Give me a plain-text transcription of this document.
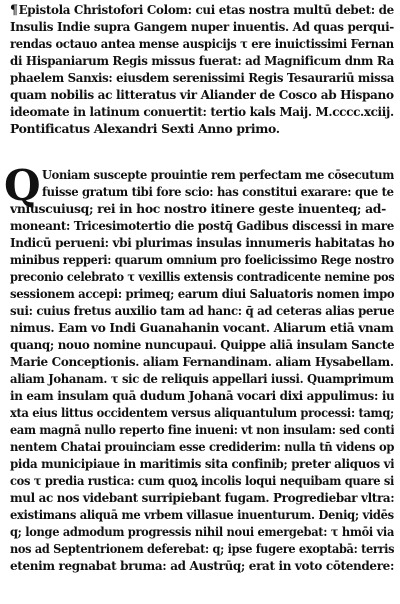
¶Epistola Christofori Colom: cui etas nostra multū debet: de
Insulis Indie supra Gangem nuper inuentis. Ad quas perqui-
rendas octauo antea mense auspicijs τ ere inuictissimi Fernan
di Hispaniarum Regis missus fuerat: ad Magnificum dnm Ra
phaelem Sanxis: eiusdem serenissimi Regis Tesaurariū missa
quam nobilis ac litteratus vir Aliander de Cosco ab Hispano
ideomate in latinum conuertit: tertio kals Maij. M.cccc.xciij.
Pontificatus Alexandri Sexti Anno primo.
Q Uoniam suscepte prouintie rem perfectam me cōsecutum
fuisse gratum tibi fore scio: has constitui exarare: que te
vniuscuiusq; rei in hoc nostro itinere geste inuenteq; ad-
moneant: Tricesimotertio die postq̄ Gadibus discessi in mare
Indicū perueni: vbi plurimas insulas innumeris habitatas ho
minibus repperi: quarum omnium pro foelicissimo Rege nostro
preconio celebrato τ vexillis extensis contradicente nemine pos
sessionem accepi: primeq; earum diui Saluatoris nomen impo
sui: cuius fretus auxilio tam ad hanc: q̄ ad ceteras alias perue
nimus. Eam vo Indi Guanahanin vocant. Aliarum etiā vnam
quanq; nouo nomine nuncupaui. Quippe aliā insulam Sancte
Marie Conceptionis. aliam Fernandinam. aliam Hysabellam.
aliam Johanam. τ sic de reliquis appellari iussi. Quamprimum
in eam insulam quā dudum Johanā vocari dixi appulimus: iu
xta eius littus occidentem versus aliquantulum processi: tamq;
eam magnā nullo reperto fine inueni: vt non insulam: sed conti
nentem Chatai prouinciam esse crediderim: nulla tn̄ videns op
pida municipiaue in maritimis sita confinib; preter aliquos vi
cos τ predia rustica: cum quoꝝ incolis loqui nequibam quare si
mul ac nos videbant surripiebant fugam. Progrediebar vltra:
existimans aliquā me vrbem villasue inuenturum. Deniq; vidēs
q; longe admodum progressis nihil noui emergebat: τ hmōi via
nos ad Septentrionem deferebat: q; ipse fugere exoptabā: terris
etenim regnabat bruma: ad Austrūq; erat in voto cōtendere:
